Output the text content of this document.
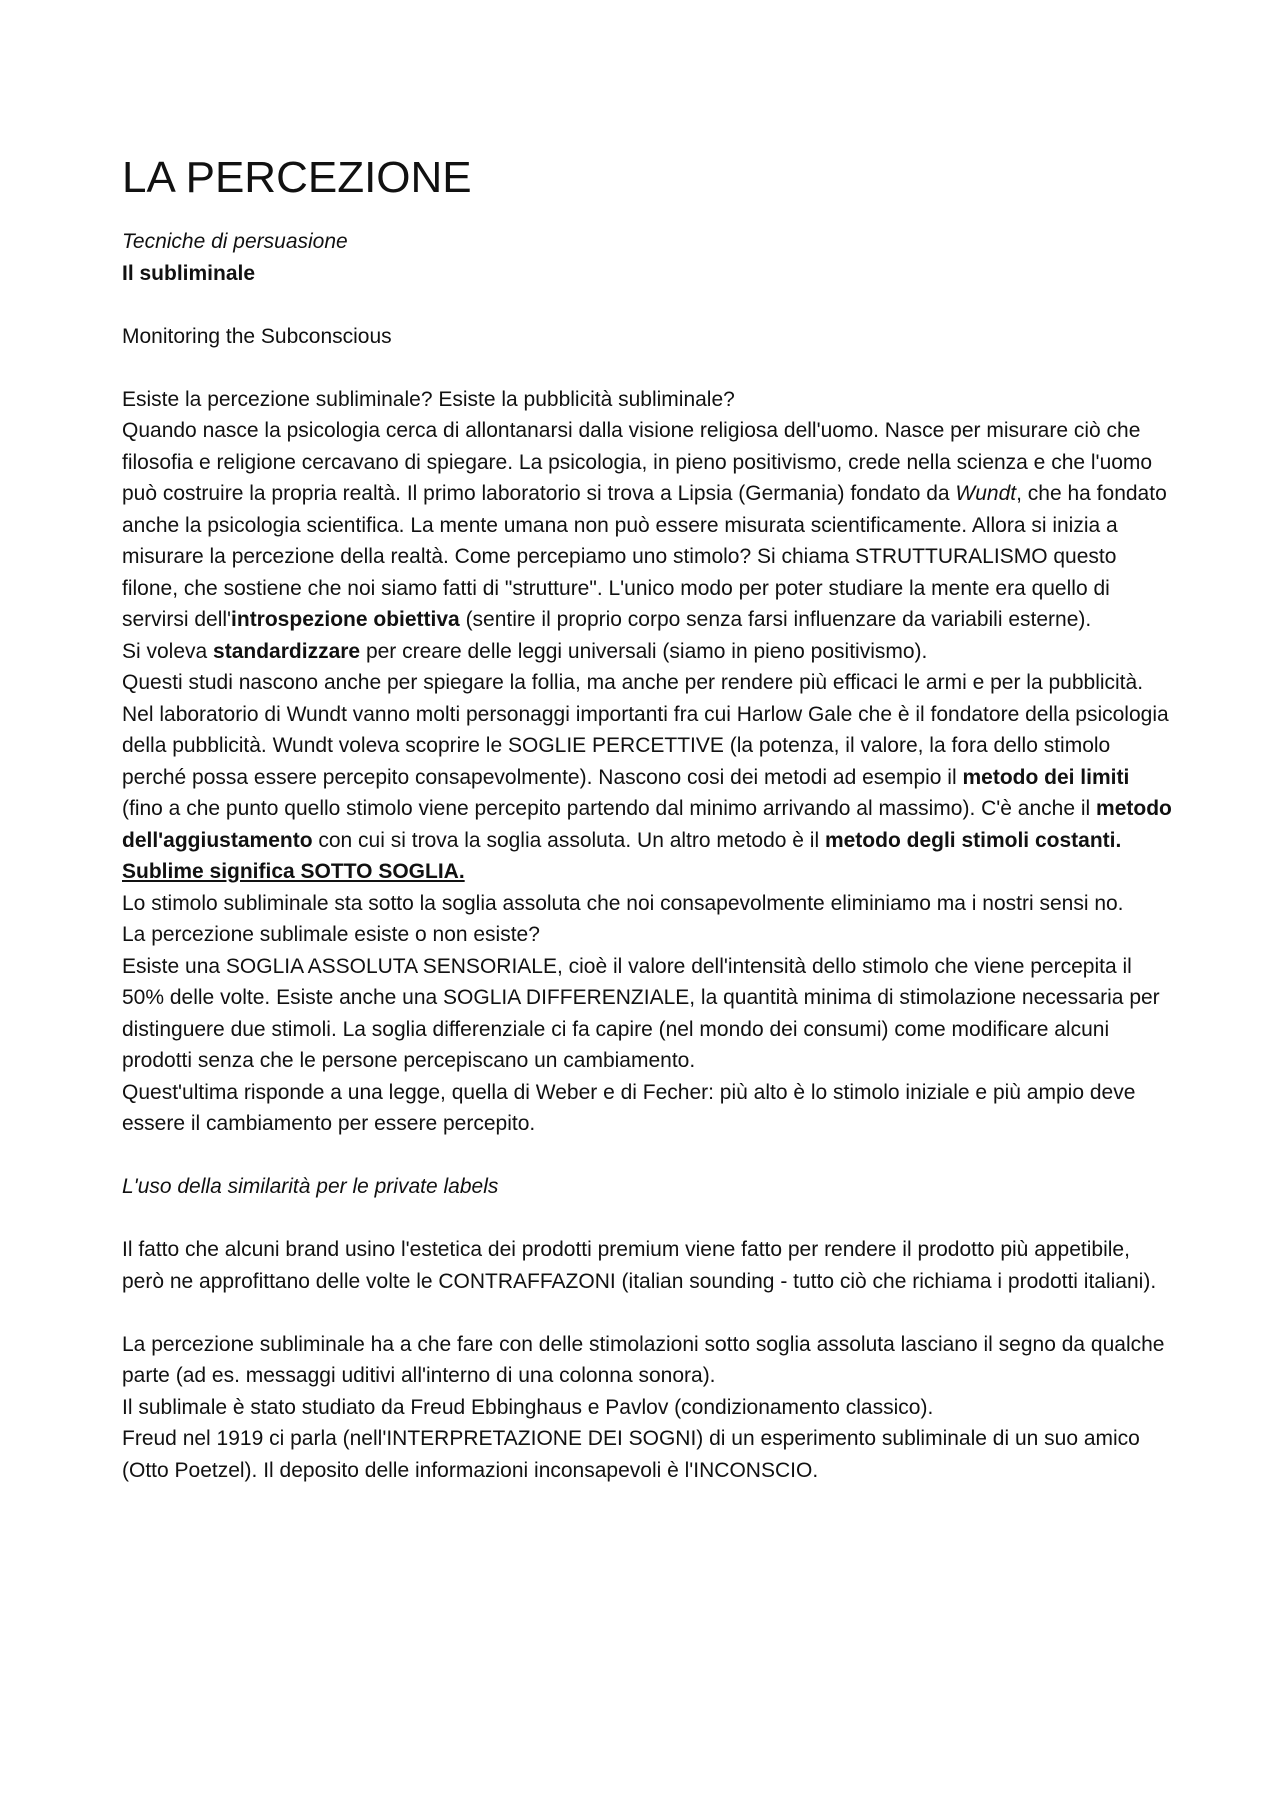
LA PERCEZIONE

Tecniche di persuasione

Il subliminale

Monitoring the Subconscious

Esiste la percezione subliminale? Esiste la pubblicità subliminale?

Quando nasce la psicologia cerca di allontanarsi dalla visione religiosa dell'uomo. Nasce per misurare ciò che filosofia e religione cercavano di spiegare. La psicologia, in pieno positivismo, crede nella scienza e che l'uomo può costruire la propria realtà. Il primo laboratorio si trova a Lipsia (Germania) fondato da Wundt, che ha fondato anche la psicologia scientifica. La mente umana non può essere misurata scientificamente. Allora si inizia a misurare la percezione della realtà. Come percepiamo uno stimolo? Si chiama STRUTTURALISMO questo filone, che sostiene che noi siamo fatti di "strutture". L'unico modo per poter studiare la mente era quello di servirsi dell'introspezione obiettiva (sentire il proprio corpo senza farsi influenzare da variabili esterne).

Si voleva standardizzare per creare delle leggi universali (siamo in pieno positivismo).

Questi studi nascono anche per spiegare la follia, ma anche per rendere più efficaci le armi e per la pubblicità. Nel laboratorio di Wundt vanno molti personaggi importanti fra cui Harlow Gale che è il fondatore della psicologia della pubblicità. Wundt voleva scoprire le SOGLIE PERCETTIVE (la potenza, il valore, la fora dello stimolo perché possa essere percepito consapevolmente). Nascono cosi dei metodi ad esempio il metodo dei limiti (fino a che punto quello stimolo viene percepito partendo dal minimo arrivando al massimo). C'è anche il metodo dell'aggiustamento con cui si trova la soglia assoluta. Un altro metodo è il metodo degli stimoli costanti.

Sublime significa SOTTO SOGLIA.

Lo stimolo subliminale sta sotto la soglia assoluta che noi consapevolmente eliminiamo ma i nostri sensi no.

La percezione sublimale esiste o non esiste?

Esiste una SOGLIA ASSOLUTA SENSORIALE, cioè il valore dell'intensità dello stimolo che viene percepita il 50% delle volte. Esiste anche una SOGLIA DIFFERENZIALE, la quantità minima di stimolazione necessaria per distinguere due stimoli. La soglia differenziale ci fa capire (nel mondo dei consumi) come modificare alcuni prodotti senza che le persone percepiscano un cambiamento.

Quest'ultima risponde a una legge, quella di Weber e di Fecher: più alto è lo stimolo iniziale e più ampio deve essere il cambiamento per essere percepito.

L'uso della similarità per le private labels

Il fatto che alcuni brand usino l'estetica dei prodotti premium viene fatto per rendere il prodotto più appetibile, però ne approfittano delle volte le CONTRAFFAZONI (italian sounding - tutto ciò che richiama i prodotti italiani).

La percezione subliminale ha a che fare con delle stimolazioni sotto soglia assoluta lasciano il segno da qualche parte (ad es. messaggi uditivi all'interno di una colonna sonora).

Il sublimale è stato studiato da Freud Ebbinghaus e Pavlov (condizionamento classico).

Freud nel 1919 ci parla (nell'INTERPRETAZIONE DEI SOGNI) di un esperimento subliminale di un suo amico (Otto Poetzel). Il deposito delle informazioni inconsapevoli è l'INCONSCIO.
